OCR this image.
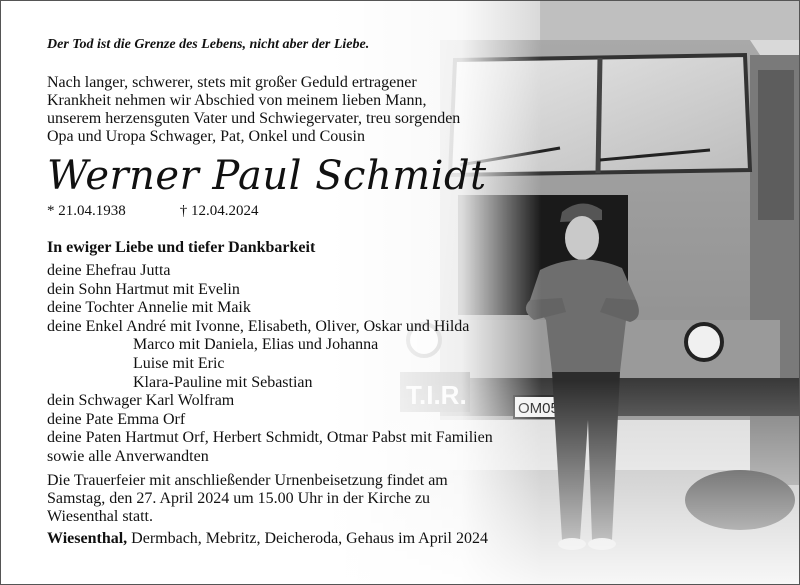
Der Tod ist die Grenze des Lebens, nicht aber der Liebe.
Nach langer, schwerer, stets mit großer Geduld ertragener
Krankheit nehmen wir Abschied von meinem lieben Mann,
unserem herzensguten Vater und Schwiegervater, treu sorgenden
Opa und Uropa Schwager, Pat, Onkel und Cousin
Werner Paul Schmidt
* 21.04.1938	† 12.04.2024
In ewiger Liebe und tiefer Dankbarkeit
deine Ehefrau Jutta
dein Sohn Hartmut mit Evelin
deine Tochter Annelie mit Maik
deine Enkel André mit Ivonne, Elisabeth, Oliver, Oskar und Hilda
Marco mit Daniela, Elias und Johanna
Luise mit Eric
Klara-Pauline mit Sebastian
dein Schwager Karl Wolfram
deine Pate Emma Orf
deine Paten Hartmut Orf, Herbert Schmidt, Otmar Pabst mit Familien
sowie alle Anverwandten
Die Trauerfeier mit anschließender Urnenbeisetzung findet am
Samstag, den 27. April 2024 um 15.00 Uhr in der Kirche zu
Wiesenthal statt.
Wiesenthal, Dermbach, Mebritz, Deicheroda, Gehaus im April 2024
